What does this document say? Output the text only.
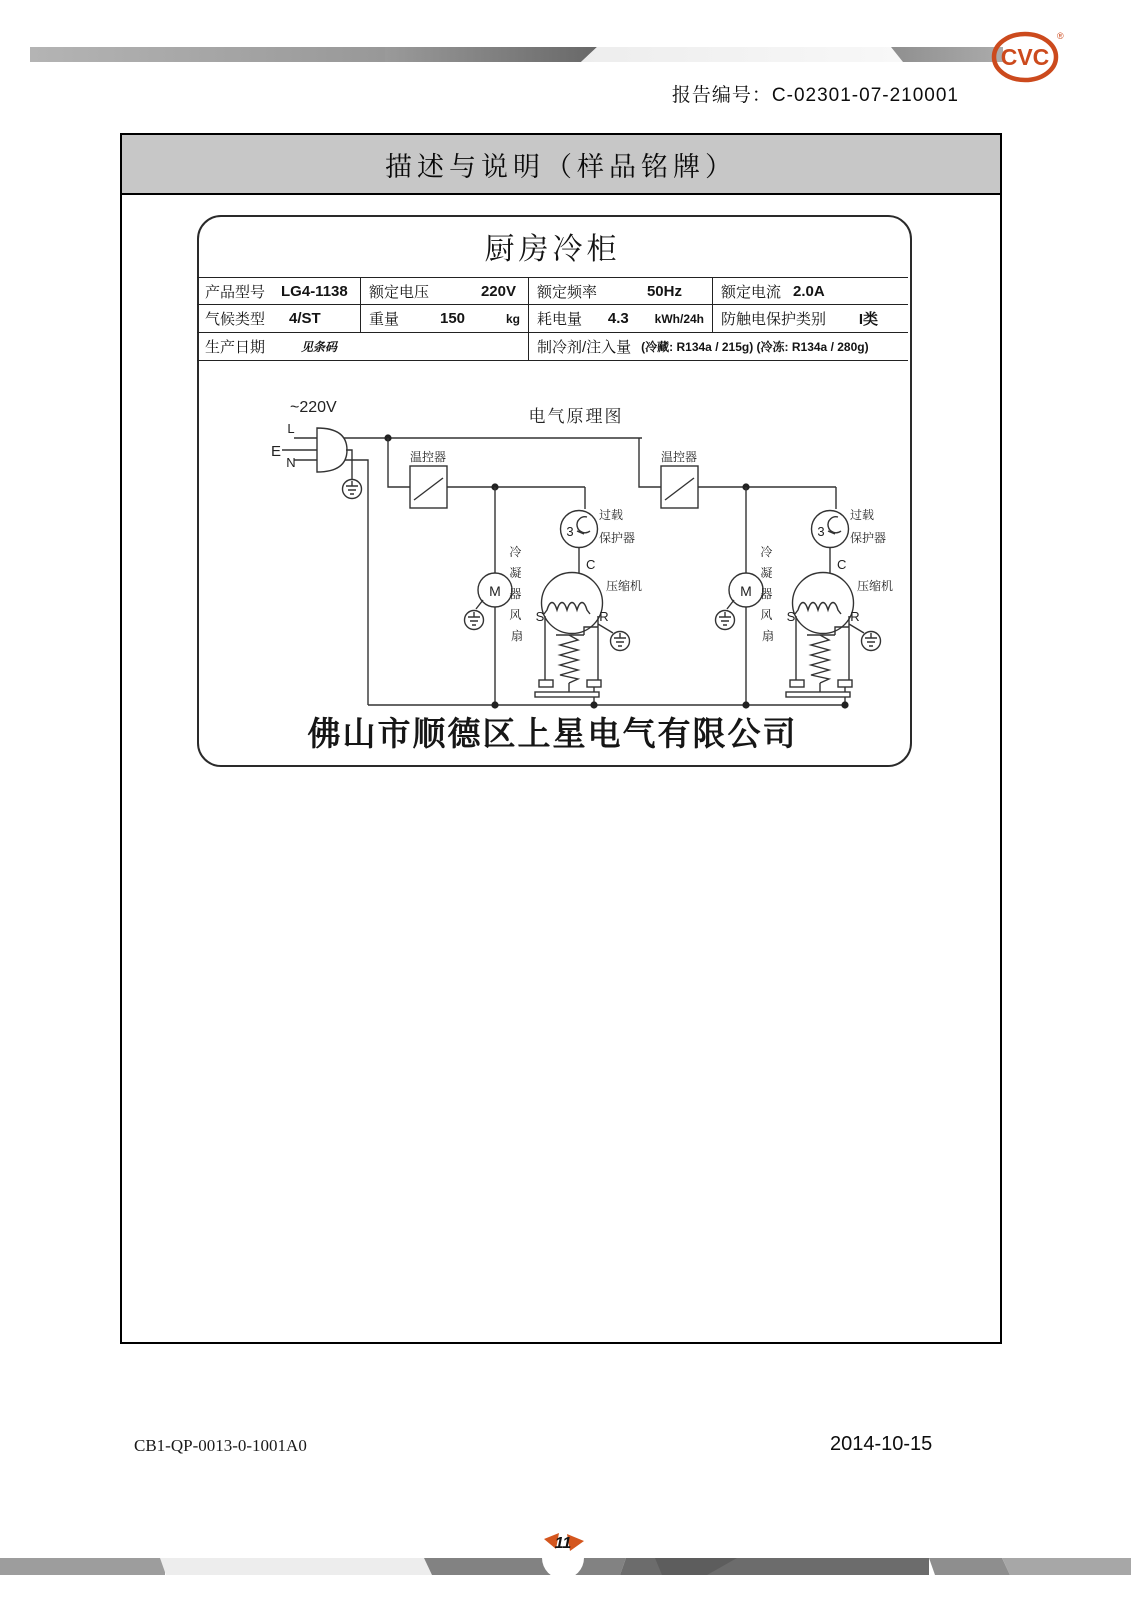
CVC
®
报告编号：C-02301-07-210001
描述与说明（样品铭牌）
厨房冷柜
产品型号 LG4-1138 额定电压	220V 额定频率	50Hz	额定电流 2.0A
气候类型 4/ST	重量	150	kg 耗电量 4.3 kWh/24h 防触电保护类别 I类
生产日期	见条码	制冷剂/注入量 (冷藏: R134a / 215g) (冷冻: R134a / 280g)
电气原理图
~220V
L
E
N	温控器
M
冷 凝 器 风 扇
3
过载
保护器
C
S	R
压缩机
佛山市顺德区上星电气有限公司
CB1-QP-0013-0-1001A0	2014-10-15
11
